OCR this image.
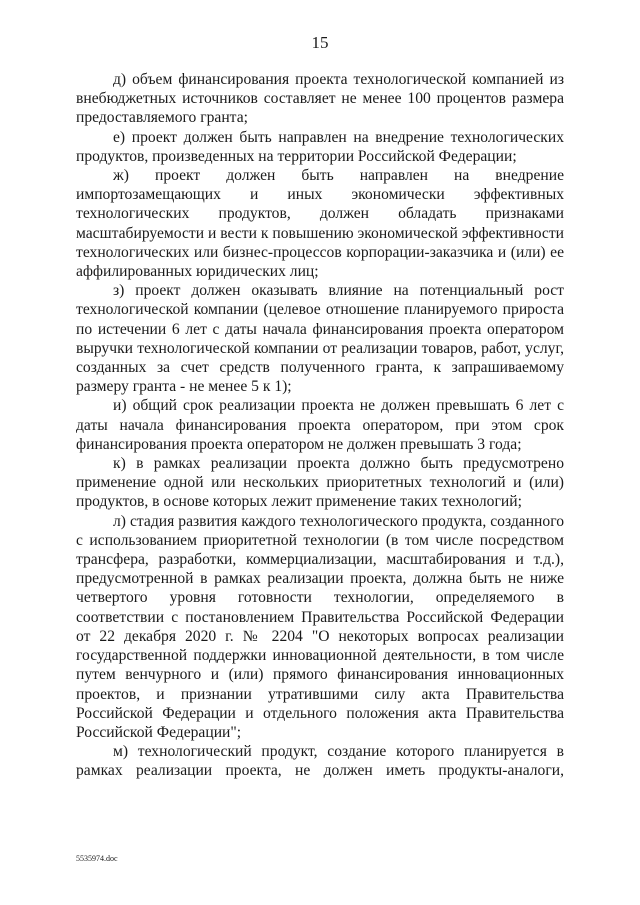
15

д) объем финансирования проекта технологической компанией из внебюджетных источников составляет не менее 100 процентов размера предоставляемого гранта;

е) проект должен быть направлен на внедрение технологических продуктов, произведенных на территории Российской Федерации;

ж) проект должен быть направлен на внедрение импортозамещающих и иных экономически эффективных технологических продуктов, должен обладать признаками масштабируемости и вести к повышению экономической эффективности технологических или бизнес-процессов корпорации-заказчика и (или) ее аффилированных юридических лиц;

з) проект должен оказывать влияние на потенциальный рост технологической компании (целевое отношение планируемого прироста по истечении 6 лет с даты начала финансирования проекта оператором выручки технологической компании от реализации товаров, работ, услуг, созданных за счет средств полученного гранта, к запрашиваемому размеру гранта - не менее 5 к 1);

и) общий срок реализации проекта не должен превышать 6 лет с даты начала финансирования проекта оператором, при этом срок финансирования проекта оператором не должен превышать 3 года;

к) в рамках реализации проекта должно быть предусмотрено применение одной или нескольких приоритетных технологий и (или) продуктов, в основе которых лежит применение таких технологий;

л) стадия развития каждого технологического продукта, созданного с использованием приоритетной технологии (в том числе посредством трансфера, разработки, коммерциализации, масштабирования и т.д.), предусмотренной в рамках реализации проекта, должна быть не ниже четвертого уровня готовности технологии, определяемого в соответствии с постановлением Правительства Российской Федерации от 22 декабря 2020 г. № 2204 "О некоторых вопросах реализации государственной поддержки инновационной деятельности, в том числе путем венчурного и (или) прямого финансирования инновационных проектов, и признании утратившими силу акта Правительства Российской Федерации и отдельного положения акта Правительства Российской Федерации";

м) технологический продукт, создание которого планируется в рамках реализации проекта, не должен иметь продукты-аналоги,

5535974.doc
